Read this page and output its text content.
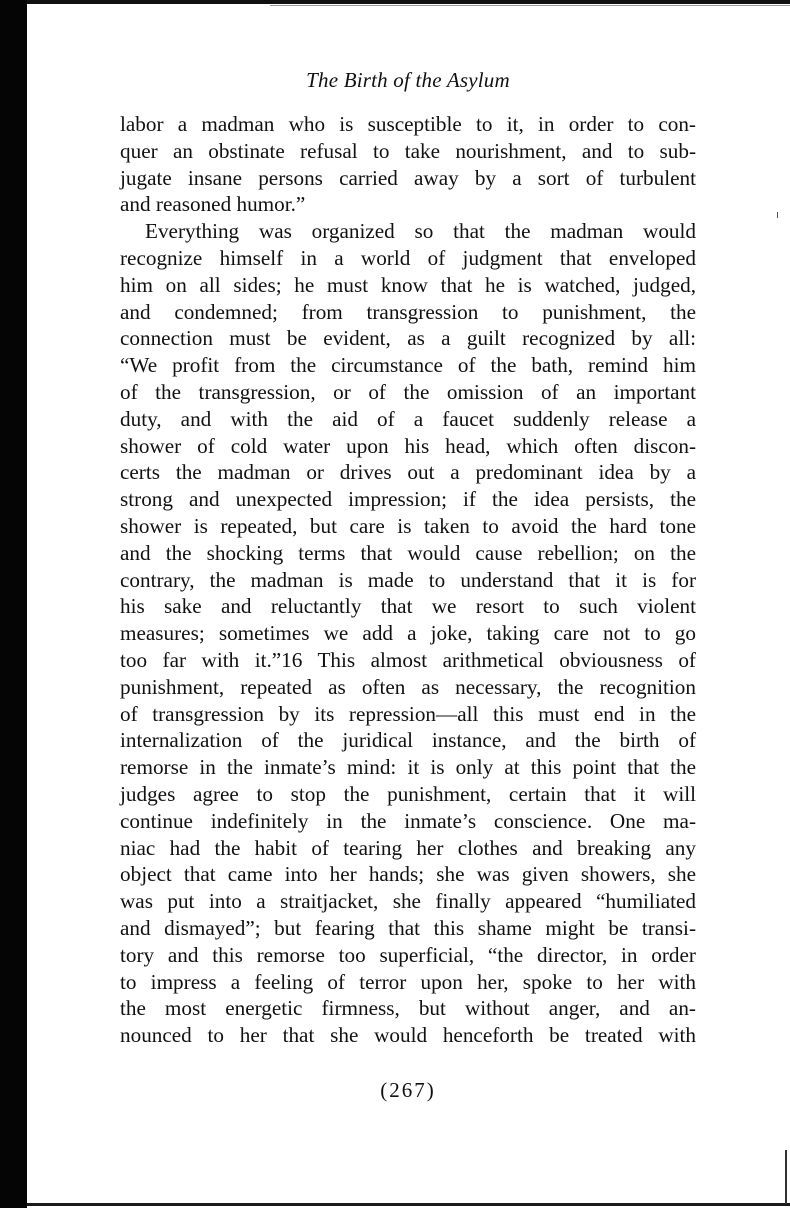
The Birth of the Asylum
labor a madman who is susceptible to it, in order to con-
quer an obstinate refusal to take nourishment, and to sub-
jugate insane persons carried away by a sort of turbulent
and reasoned humor.”
Everything was organized so that the madman would
recognize himself in a world of judgment that enveloped
him on all sides; he must know that he is watched, judged,
and condemned; from transgression to punishment, the
connection must be evident, as a guilt recognized by all:
“We profit from the circumstance of the bath, remind him
of the transgression, or of the omission of an important
duty, and with the aid of a faucet suddenly release a
shower of cold water upon his head, which often discon-
certs the madman or drives out a predominant idea by a
strong and unexpected impression; if the idea persists, the
shower is repeated, but care is taken to avoid the hard tone
and the shocking terms that would cause rebellion; on the
contrary, the madman is made to understand that it is for
his sake and reluctantly that we resort to such violent
measures; sometimes we add a joke, taking care not to go
too far with it.”16 This almost arithmetical obviousness of
punishment, repeated as often as necessary, the recognition
of transgression by its repression—all this must end in the
internalization of the juridical instance, and the birth of
remorse in the inmate’s mind: it is only at this point that the
judges agree to stop the punishment, certain that it will
continue indefinitely in the inmate’s conscience. One ma-
niac had the habit of tearing her clothes and breaking any
object that came into her hands; she was given showers, she
was put into a straitjacket, she finally appeared “humiliated
and dismayed”; but fearing that this shame might be transi-
tory and this remorse too superficial, “the director, in order
to impress a feeling of terror upon her, spoke to her with
the most energetic firmness, but without anger, and an-
nounced to her that she would henceforth be treated with
(267)
